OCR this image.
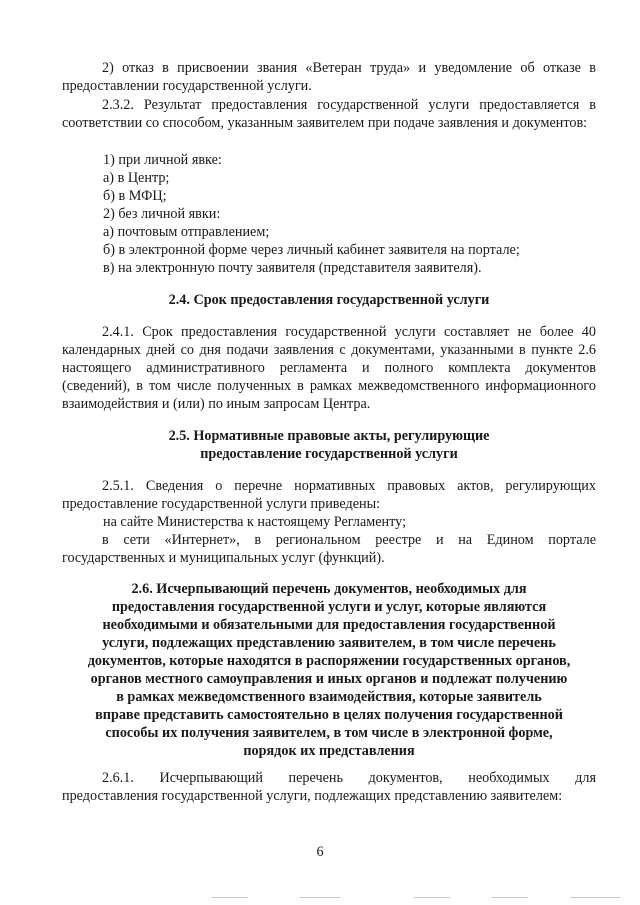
2) отказ в присвоении звания «Ветеран труда» и уведомление об отказе в предоставлении государственной услуги.

2.3.2. Результат предоставления государственной услуги предоставляется в соответствии со способом, указанным заявителем при подаче заявления и документов:

1) при личной явке:

а) в Центр;

б) в МФЦ;

2) без личной явки:

а) почтовым отправлением;

б) в электронной форме через личный кабинет заявителя на портале;

в) на электронную почту заявителя (представителя заявителя).

2.4. Срок предоставления государственной услуги

2.4.1. Срок предоставления государственной услуги составляет не более 40 календарных дней со дня подачи заявления с документами, указанными в пункте 2.6 настоящего административного регламента и полного комплекта документов (сведений), в том числе полученных в рамках межведомственного информационного взаимодействия и (или) по иным запросам Центра.

2.5. Нормативные правовые акты, регулирующие
предоставление государственной услуги

2.5.1. Сведения о перечне нормативных правовых актов, регулирующих предоставление государственной услуги приведены:

на сайте Министерства к настоящему Регламенту;

в сети «Интернет», в региональном реестре и на Едином портале государственных и муниципальных услуг (функций).

2.6. Исчерпывающий перечень документов, необходимых для
предоставления государственной услуги и услуг, которые являются
необходимыми и обязательными для предоставления государственной
услуги, подлежащих представлению заявителем, в том числе перечень
документов, которые находятся в распоряжении государственных органов,
органов местного самоуправления и иных органов и подлежат получению
в рамках межведомственного взаимодействия, которые заявитель
вправе представить самостоятельно в целях получения государственной
способы их получения заявителем, в том числе в электронной форме,
порядок их представления

2.6.1. Исчерпывающий перечень документов, необходимых для

предоставления государственной услуги, подлежащих представлению заявителем:

6
